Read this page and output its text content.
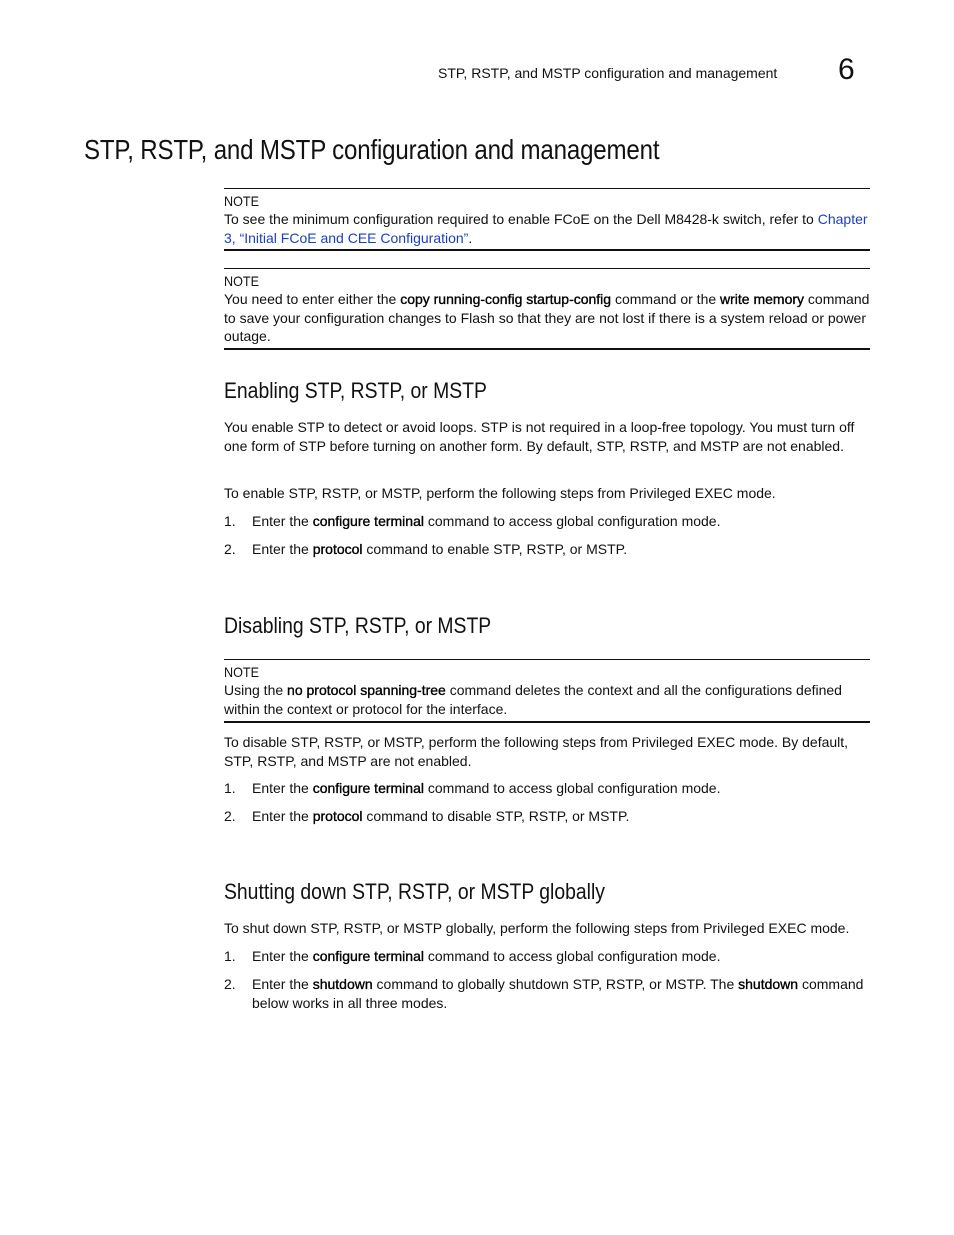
STP, RSTP, and MSTP configuration and management 6
STP, RSTP, and MSTP configuration and management
NOTE
To see the minimum configuration required to enable FCoE on the Dell M8428-k switch, refer to Chapter 3, “Initial FCoE and CEE Configuration”.
NOTE
You need to enter either the copy running-config startup-config command or the write memory command to save your configuration changes to Flash so that they are not lost if there is a system reload or power outage.
Enabling STP, RSTP, or MSTP
You enable STP to detect or avoid loops. STP is not required in a loop-free topology. You must turn off one form of STP before turning on another form. By default, STP, RSTP, and MSTP are not enabled.
To enable STP, RSTP, or MSTP, perform the following steps from Privileged EXEC mode.
1. Enter the configure terminal command to access global configuration mode.
2. Enter the protocol command to enable STP, RSTP, or MSTP.
Disabling STP, RSTP, or MSTP
NOTE
Using the no protocol spanning-tree command deletes the context and all the configurations defined within the context or protocol for the interface.
To disable STP, RSTP, or MSTP, perform the following steps from Privileged EXEC mode. By default, STP, RSTP, and MSTP are not enabled.
1. Enter the configure terminal command to access global configuration mode.
2. Enter the protocol command to disable STP, RSTP, or MSTP.
Shutting down STP, RSTP, or MSTP globally
To shut down STP, RSTP, or MSTP globally, perform the following steps from Privileged EXEC mode.
1. Enter the configure terminal command to access global configuration mode.
2. Enter the shutdown command to globally shutdown STP, RSTP, or MSTP. The shutdown command below works in all three modes.
